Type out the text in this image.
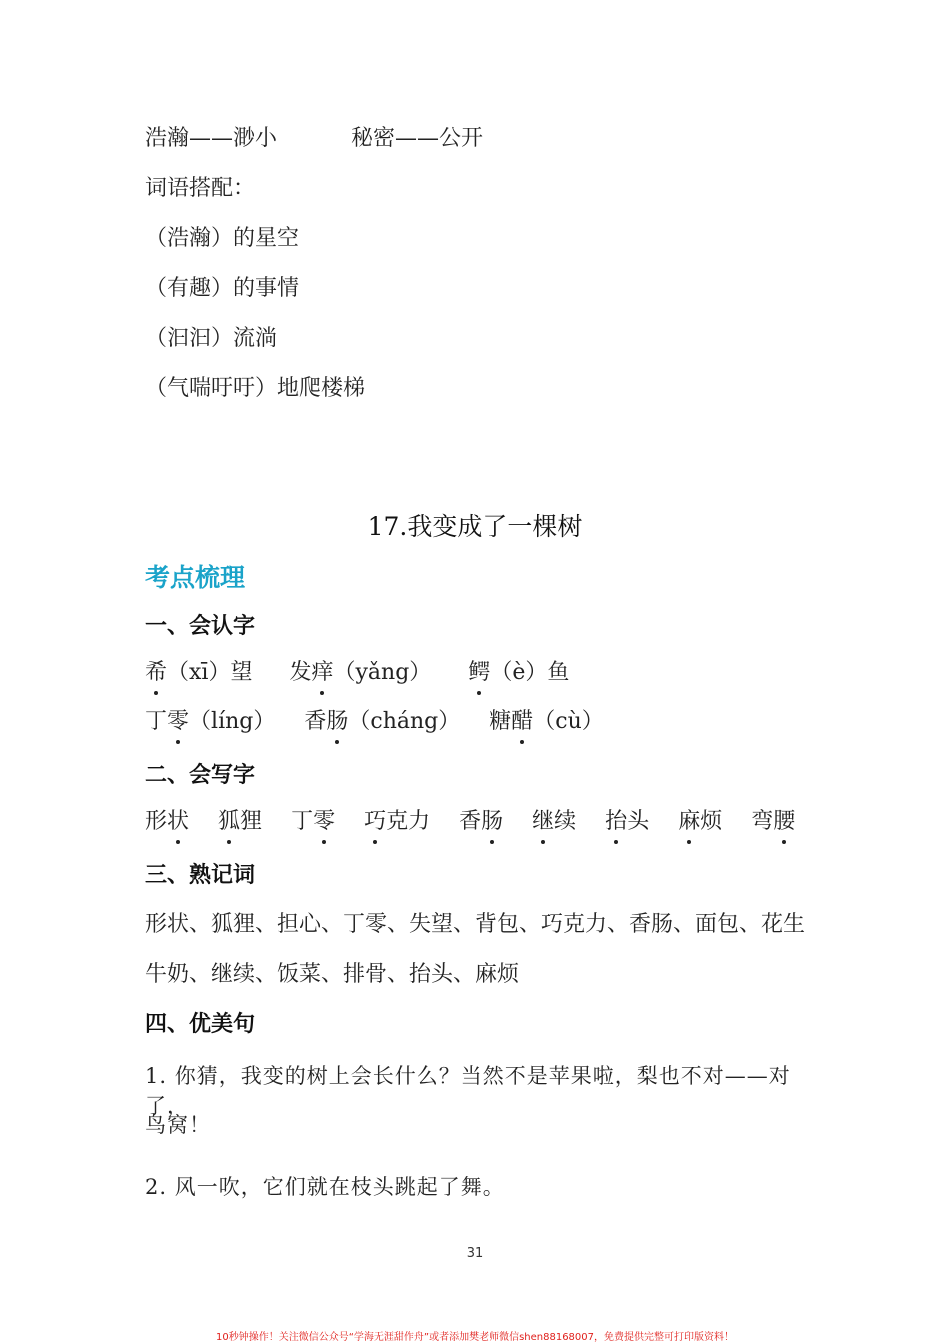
浩瀚——渺小	秘密——公开
词语搭配：
（浩瀚）的星空
（有趣）的事情
（汩汩）流淌
（气喘吁吁）地爬楼梯
17.我变成了一棵树
考点梳理
一、会认字
希（xī）望 发痒（yǎng） 鳄（è）鱼
丁零（líng） 香肠（cháng） 糖醋（cù）
二、会写字
形状 狐狸 丁零 巧克力 香肠 继续 抬头 麻烦 弯腰
三、熟记词
形状、狐狸、担心、丁零、失望、背包、巧克力、香肠、面包、花生
牛奶、继续、饭菜、排骨、抬头、麻烦
四、优美句
1. 你猜，我变的树上会长什么？当然不是苹果啦，梨也不对——对了，
鸟窝！
2. 风一吹，它们就在枝头跳起了舞。
31
10秒钟操作！关注微信公众号“学海无涯甜作舟”或者添加樊老师微信shen88168007，免费提供完整可打印版资料！
